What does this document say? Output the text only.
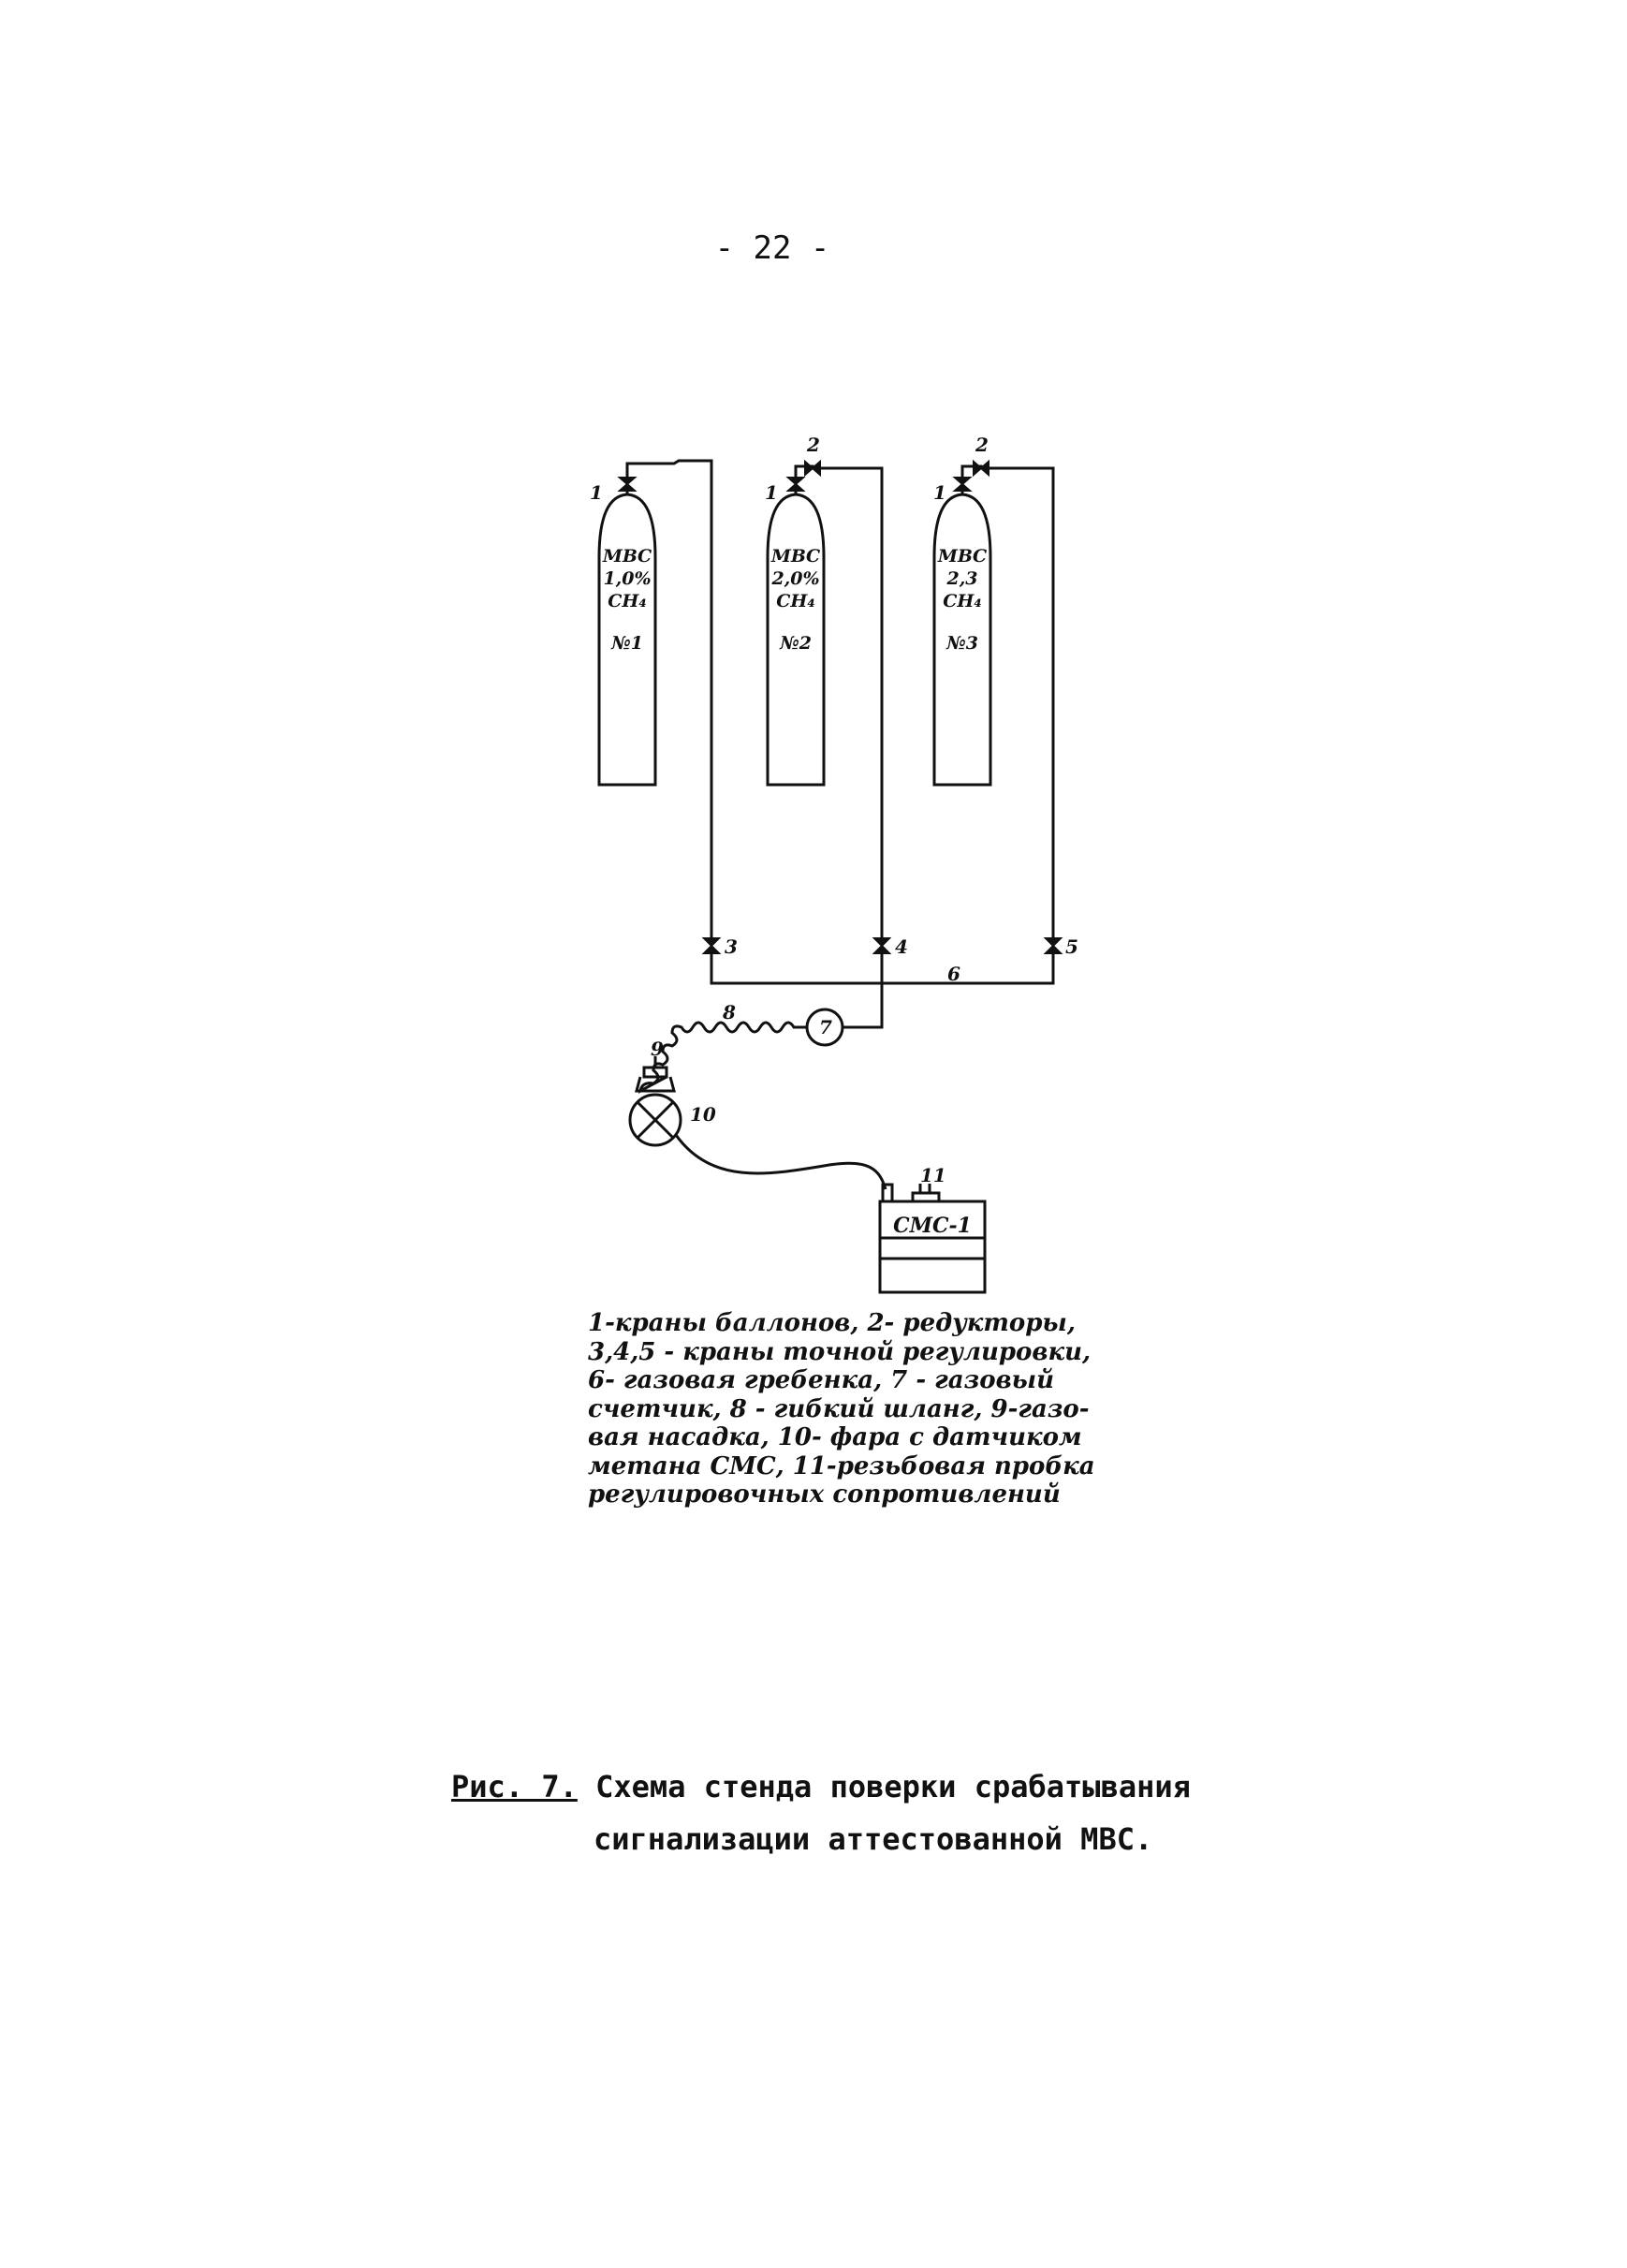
- 22 -
МВС
1,0%
CH₄
№1
МВС
2,0%
CH₄
№2
МВС
2,3
CH₄
№3
1	1	1
2	2
3	4	5
6
7
8
9
10
11
СМС-1
1-краны баллонов, 2- редукторы,
3,4,5 - краны точной регулировки,
6- газовая гребенка, 7 - газовый
счетчик, 8 - гибкий шланг, 9-газо-
вая насадка, 10- фара с датчиком
метана СМС, 11-резьбовая пробка
регулировочных сопротивлений
Рис. 7. Схема стенда поверки срабатывания
сигнализации аттестованной МВС.
